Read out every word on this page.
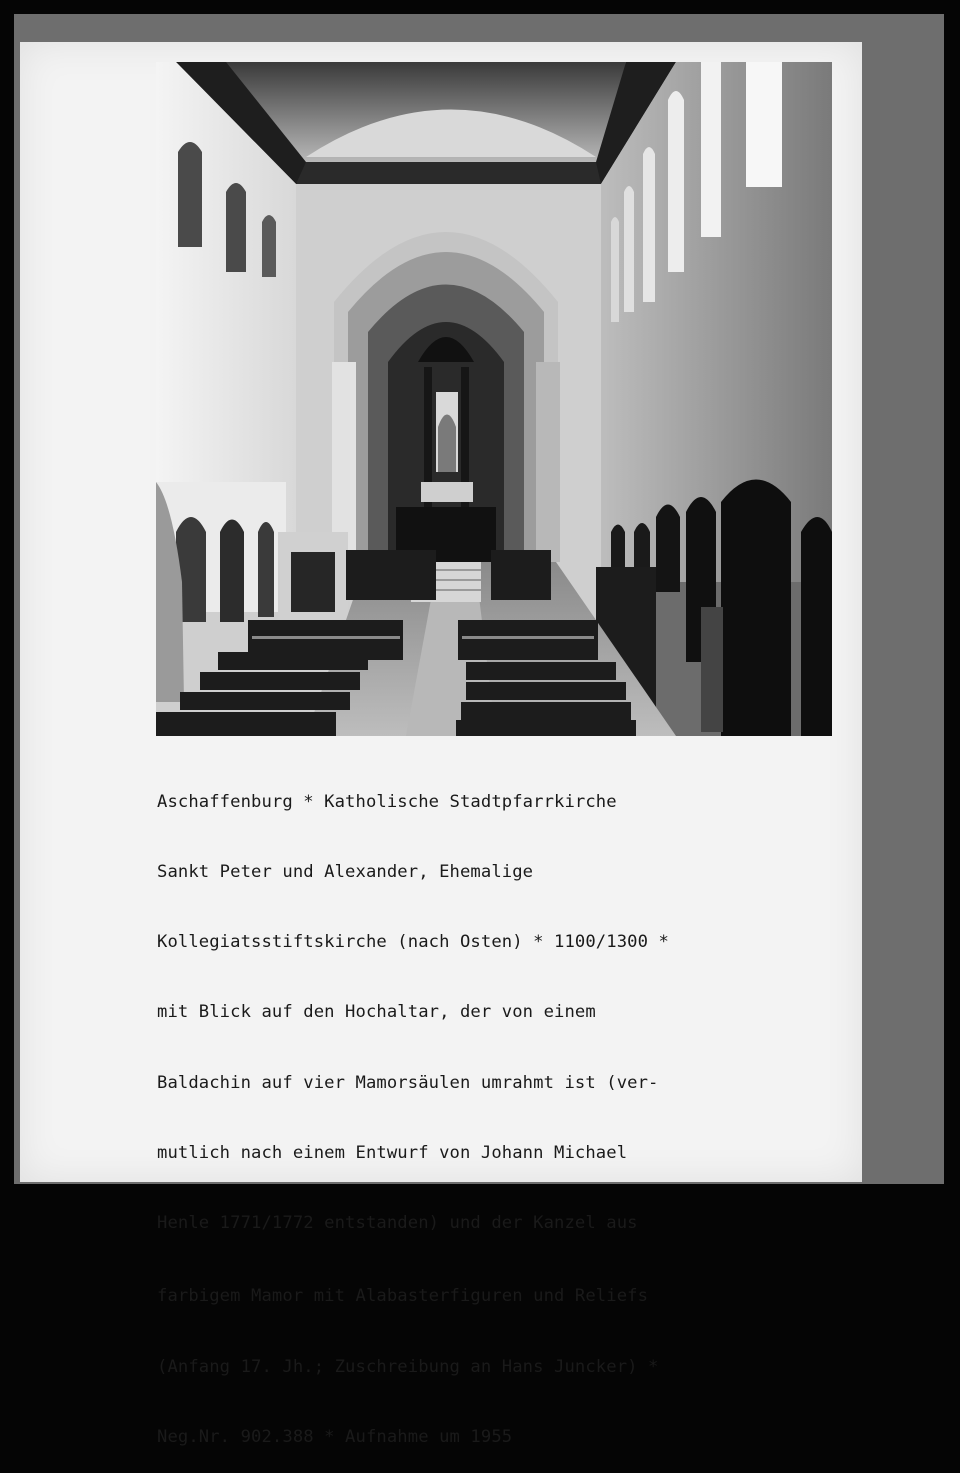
Aschaffenburg * Katholische Stadtpfarrkirche

Sankt Peter und Alexander, Ehemalige

Kollegiatsstiftskirche (nach Osten) * 1100/1300 *

mit Blick auf den Hochaltar, der von einem

Baldachin auf vier Mamorsäulen umrahmt ist (ver-

mutlich nach einem Entwurf von Johann Michael

Henle 1771/1772 entstanden) und der Kanzel aus

farbigem Mamor mit Alabasterfiguren und Reliefs

(Anfang 17. Jh.; Zuschreibung an Hans Juncker) *

Neg.Nr. 902.388 * Aufnahme um 1955
